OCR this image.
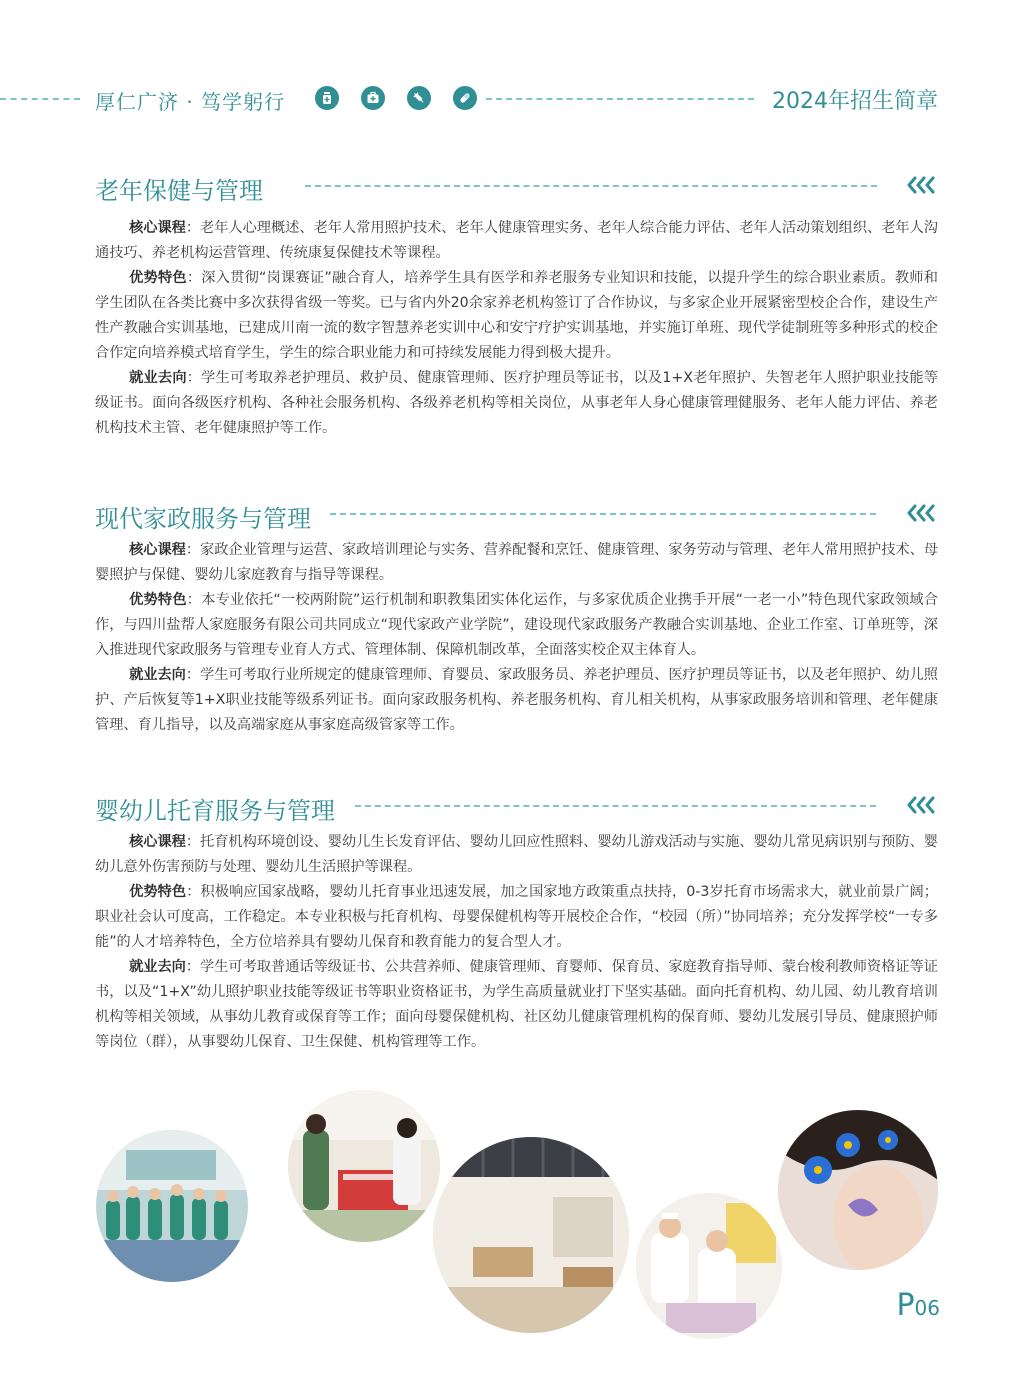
厚仁广济 · 笃学躬行	2024年招生简章
老年保健与管理

核心课程：老年人心理概述、老年人常用照护技术、老年人健康管理实务、老年人综合能力评估、老年人活动策划组织、老年人沟通技巧、养老机构运营管理、传统康复保健技术等课程。

优势特色：深入贯彻“岗课赛证”融合育人，培养学生具有医学和养老服务专业知识和技能，以提升学生的综合职业素质。教师和学生团队在各类比赛中多次获得省级一等奖。已与省内外20余家养老机构签订了合作协议，与多家企业开展紧密型校企合作，建设生产性产教融合实训基地，已建成川南一流的数字智慧养老实训中心和安宁疗护实训基地，并实施订单班、现代学徒制班等多种形式的校企合作定向培养模式培育学生，学生的综合职业能力和可持续发展能力得到极大提升。

就业去向：学生可考取养老护理员、救护员、健康管理师、医疗护理员等证书，以及1+X老年照护、失智老年人照护职业技能等级证书。面向各级医疗机构、各种社会服务机构、各级养老机构等相关岗位，从事老年人身心健康管理健服务、老年人能力评估、养老机构技术主管、老年健康照护等工作。

现代家政服务与管理

核心课程：家政企业管理与运营、家政培训理论与实务、营养配餐和烹饪、健康管理、家务劳动与管理、老年人常用照护技术、母婴照护与保健、婴幼儿家庭教育与指导等课程。

优势特色：本专业依托“一校两附院”运行机制和职教集团实体化运作，与多家优质企业携手开展“一老一小”特色现代家政领域合作，与四川盐帮人家庭服务有限公司共同成立“现代家政产业学院”，建设现代家政服务产教融合实训基地、企业工作室、订单班等，深入推进现代家政服务与管理专业育人方式、管理体制、保障机制改革，全面落实校企双主体育人。

就业去向：学生可考取行业所规定的健康管理师、育婴员、家政服务员、养老护理员、医疗护理员等证书，以及老年照护、幼儿照护、产后恢复等1+X职业技能等级系列证书。面向家政服务机构、养老服务机构、育儿相关机构，从事家政服务培训和管理、老年健康管理、育儿指导，以及高端家庭从事家庭高级管家等工作。

婴幼儿托育服务与管理

核心课程：托育机构环境创设、婴幼儿生长发育评估、婴幼儿回应性照料、婴幼儿游戏活动与实施、婴幼儿常见病识别与预防、婴幼儿意外伤害预防与处理、婴幼儿生活照护等课程。

优势特色：积极响应国家战略，婴幼儿托育事业迅速发展，加之国家地方政策重点扶持，0-3岁托育市场需求大，就业前景广阔；职业社会认可度高，工作稳定。本专业积极与托育机构、母婴保健机构等开展校企合作，“校园（所）”协同培养；充分发挥学校“一专多能”的人才培养特色，全方位培养具有婴幼儿保育和教育能力的复合型人才。

就业去向：学生可考取普通话等级证书、公共营养师、健康管理师、育婴师、保育员、家庭教育指导师、蒙台梭利教师资格证等证书，以及“1+X”幼儿照护职业技能等级证书等职业资格证书，为学生高质量就业打下坚实基础。面向托育机构、幼儿园、幼儿教育培训机构等相关领域，从事幼儿教育或保育等工作；面向母婴保健机构、社区幼儿健康管理机构的保育师、婴幼儿发展引导员、健康照护师等岗位（群），从事婴幼儿保育、卫生保健、机构管理等工作。

P06
